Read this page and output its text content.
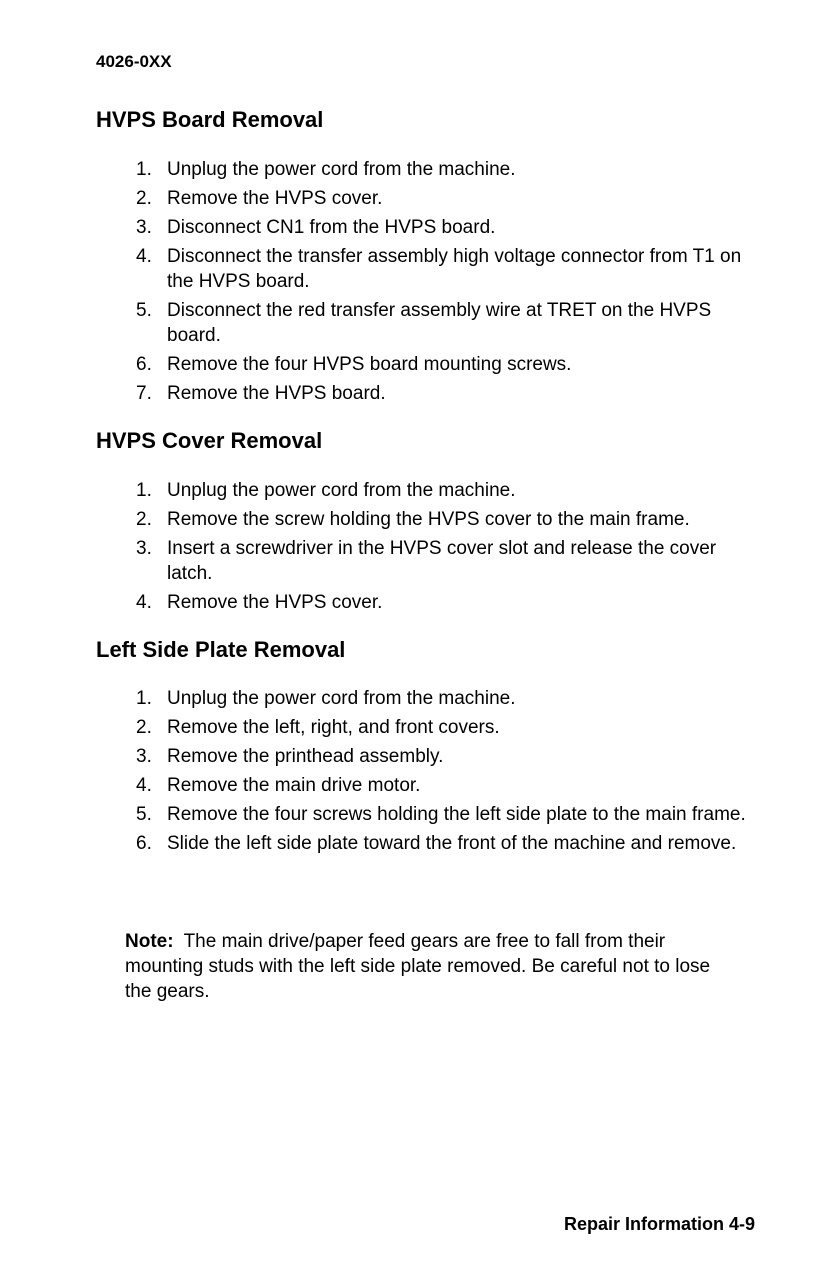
4026-0XX
HVPS Board Removal
1. Unplug the power cord from the machine.
2. Remove the HVPS cover.
3. Disconnect CN1 from the HVPS board.
4. Disconnect the transfer assembly high voltage connector from T1 on the HVPS board.
5. Disconnect the red transfer assembly wire at TRET on the HVPS board.
6. Remove the four HVPS board mounting screws.
7. Remove the HVPS board.
HVPS Cover Removal
1. Unplug the power cord from the machine.
2. Remove the screw holding the HVPS cover to the main frame.
3. Insert a screwdriver in the HVPS cover slot and release the cover latch.
4. Remove the HVPS cover.
Left Side Plate Removal
1. Unplug the power cord from the machine.
2. Remove the left, right, and front covers.
3. Remove the printhead assembly.
4. Remove the main drive motor.
5. Remove the four screws holding the left side plate to the main frame.
6. Slide the left side plate toward the front of the machine and remove.
Note: The main drive/paper feed gears are free to fall from their mounting studs with the left side plate removed. Be careful not to lose the gears.
Repair Information 4-9
